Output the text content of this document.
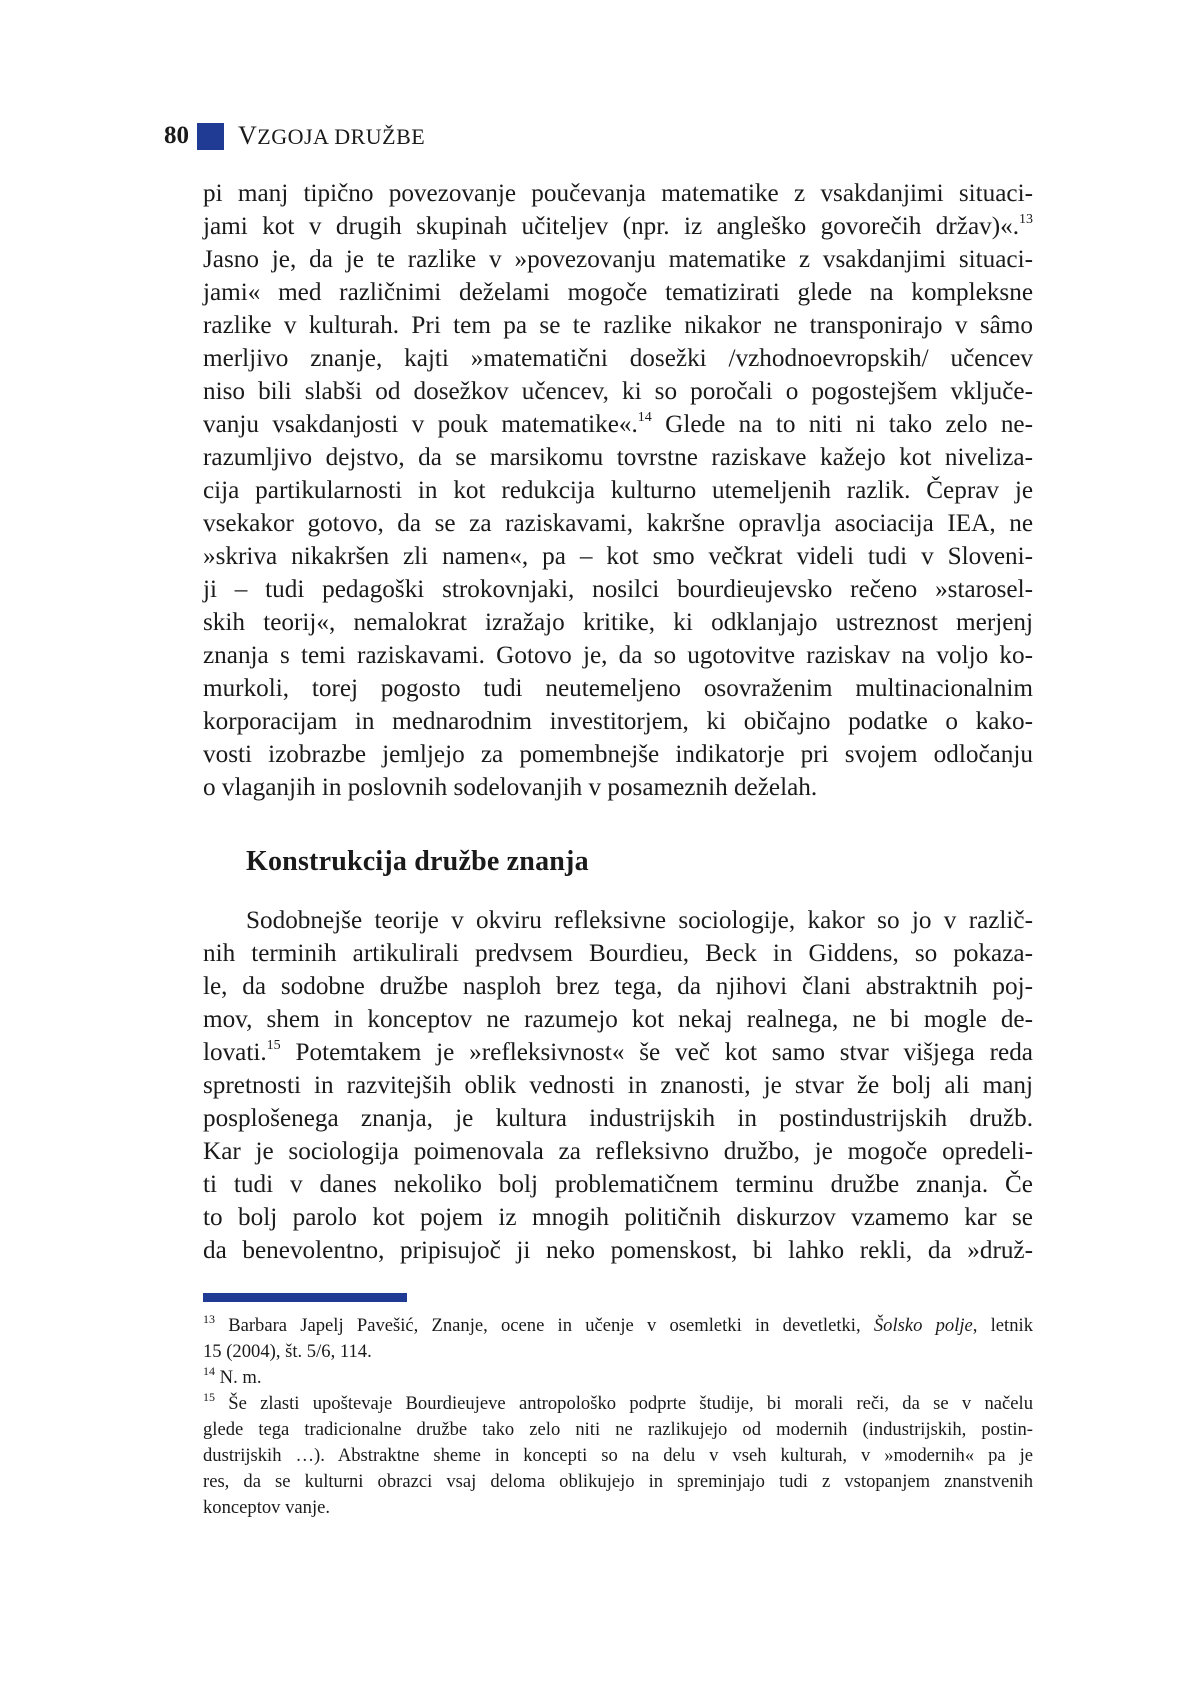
80 VZGOJA DRUŽBE
pi manj tipično povezovanje poučevanja matematike z vsakdanjimi situaci-
jami kot v drugih skupinah učiteljev (npr. iz angleško govorečih držav)«.$^{13}$
Jasno je, da je te razlike v »povezovanju matematike z vsakdanjimi situaci-
jami« med različnimi deželami mogoče tematizirati glede na kompleksne
razlike v kulturah. Pri tem pa se te razlike nikakor ne transponirajo v sâmo
merljivo znanje, kajti »matematični dosežki /vzhodnoevropskih/ učencev
niso bili slabši od dosežkov učencev, ki so poročali o pogostejšem vključe-
vanju vsakdanjosti v pouk matematike«.$^{14}$ Glede na to niti ni tako zelo ne-
razumljivo dejstvo, da se marsikomu tovrstne raziskave kažejo kot niveliza-
cija partikularnosti in kot redukcija kulturno utemeljenih razlik. Čeprav je
vsekakor gotovo, da se za raziskavami, kakršne opravlja asociacija IEA, ne
»skriva nikakršen zli namen«, pa – kot smo večkrat videli tudi v Sloveni-
ji – tudi pedagoški strokovnjaki, nosilci bourdieujevsko rečeno »starosel-
skih teorij«, nemalokrat izražajo kritike, ki odklanjajo ustreznost merjenj
znanja s temi raziskavami. Gotovo je, da so ugotovitve raziskav na voljo ko-
murkoli, torej pogosto tudi neutemeljeno osovraženim multinacionalnim
korporacijam in mednarodnim investitorjem, ki običajno podatke o kako-
vosti izobrazbe jemljejo za pomembnejše indikatorje pri svojem odločanju
o vlaganjih in poslovnih sodelovanjih v posameznih deželah.
Konstrukcija družbe znanja
Sodobnejše teorije v okviru refleksivne sociologije, kakor so jo v različ-
nih terminih artikulirali predvsem Bourdieu, Beck in Giddens, so pokaza-
le, da sodobne družbe nasploh brez tega, da njihovi člani abstraktnih poj-
mov, shem in konceptov ne razumejo kot nekaj realnega, ne bi mogle de-
lovati.$^{15}$ Potemtakem je »refleksivnost« še več kot samo stvar višjega reda
spretnosti in razvitejših oblik vednosti in znanosti, je stvar že bolj ali manj
posplošenega znanja, je kultura industrijskih in postindustrijskih družb.
Kar je sociologija poimenovala za refleksivno družbo, je mogoče opredeli-
ti tudi v danes nekoliko bolj problematičnem terminu družbe znanja. Če
to bolj parolo kot pojem iz mnogih političnih diskurzov vzamemo kar se
da benevolentno, pripisujoč ji neko pomenskost, bi lahko rekli, da »druž-
$^{13}$ Barbara Japelj Pavešić, Znanje, ocene in učenje v osemletki in devetletki, Šolsko polje, letnik
15 (2004), št. 5/6, 114.
$^{14}$ N. m.
$^{15}$ Še zlasti upoštevaje Bourdieujeve antropološko podprte študije, bi morali reči, da se v načelu
glede tega tradicionalne družbe tako zelo niti ne razlikujejo od modernih (industrijskih, postin-
dustrijskih …). Abstraktne sheme in koncepti so na delu v vseh kulturah, v »modernih« pa je
res, da se kulturni obrazci vsaj deloma oblikujejo in spreminjajo tudi z vstopanjem znanstvenih
konceptov vanje.
